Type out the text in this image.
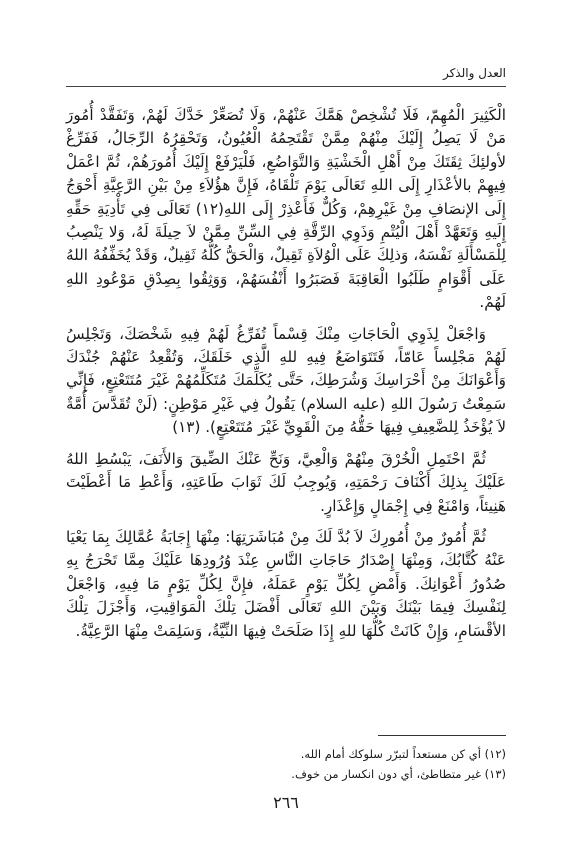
العدل والذكر

الْكَثِيرَ الْمُهِمّ، فَلَا تُشْخِصْ هَمَّكَ عَنْهُمْ، وَلَا تُصَعِّرْ خَدَّكَ لَهُمْ، وَتَفَقَّدْ أُمُورَ مَنْ لَا يَصِلُ إِلَيْكَ مِنْهُمْ مِمَّنْ تَقْتَحِمُهُ الْعُيُونُ، وَتَحْقِرُهُ الرِّجَالُ، فَفَرِّغْ لأولئِكَ ثِقَتَكَ مِنْ أَهْلِ الْخَشْيَةِ وَالتَّوَاضُعِ، فَلْيَرْفَعْ إِلَيْكَ أُمُورَهُمْ، ثُمَّ اعْمَلْ فِيهِمْ بالأعْذَارِ إِلَى اللهِ تَعَالَى يَوْمَ تَلْقَاهُ، فَإِنَّ هؤُلاَءِ مِنْ بَيْنِ الرَّعِيَّةِ أَحْوَجُ إِلَى الإنصَافِ مِنْ غَيْرِهِمْ، وَكُلٌّ فَأَعْذِرْ إِلَى اللهِ(١٢) تَعَالَى فِي تَأْدِيَةِ حَقِّهِ إِلَيهِ وَتَعَهَّدْ أَهْلَ الْيُتْمِ وَذَوِي الرِّقَّةِ فِي السِّنِّ مِمَّنْ لاَ حِيلَةَ لَهُ، وَلا يَنْصِبُ لِلْمَسْأَلَةِ نَفْسَهُ، وَذلِكَ عَلَى الْوُلاَةِ ثَقِيلٌ، وَالْحَقُّ كُلُّهُ ثَقِيلٌ، وَقَدْ يُخَفِّفُهُ اللهُ عَلَى أَقْوَامٍ طَلَبُوا الْعَاقِبَةَ فَصَبَرُوا أَنْفُسَهُمْ، وَوَثِقُوا بِصِدْقِ مَوْعُودِ اللهِ لَهُمْ.

وَاجْعَلْ لِذَوِي الْحَاجَاتِ مِنْكَ قِسْماً تُفَرِّغُ لَهُمْ فِيهِ شَخْصَكَ، وَتَجْلِسُ لَهُمْ مَجْلِساً عَامّاً، فَتَتَوَاضَعُ فِيهِ للهِ الَّذِي خَلَقَكَ، وَتُقْعِدُ عَنْهُمْ جُنْدَكَ وَأَعْوَانَكَ مِنْ أَحْرَاسِكَ وَشُرَطِكَ، حَتَّى يُكَلِّمَكَ مُتَكَلِّمُهُمْ غَيْرَ مُتَتَعْتِعٍ، فَإِنِّي سَمِعْتُ رَسُولَ اللهِ (عليه السلام) يَقُولُ فِي غَيْرِ مَوْطِنٍ: (لَنْ تُقَدَّسَ أُمَّةٌ لاَ يُؤْخَذُ لِلضَّعِيفِ فِيهَا حَقُّهُ مِنَ الْقَوِيِّ غَيْرَ مُتَتَعْتِعٍ). (١٣)

ثُمَّ احْتَمِلِ الْخُرْقَ مِنْهُمْ وَالْعِيَّ، وَنَحِّ عَنْكَ الضِّيقَ وَالأَنَفَ، يَبْسُطِ اللهُ عَلَيْكَ بِذلِكَ أَكْنَافَ رَحْمَتِهِ، وَيُوجِبُ لَكَ ثَوَابَ طَاعَتِهِ، وَأَعْطِ مَا أَعْطَيْتَ هَنِيئاً، وَامْنَعْ فِي إِجْمَالٍ وَإِعْذَارٍ.

ثُمَّ أُمُورٌ مِنْ أُمُورِكَ لاَ بُدَّ لَكَ مِنْ مُبَاشَرَتِهَا: مِنْهَا إِجَابَةُ عُمَّالِكَ بِمَا يَعْيَا عَنْهُ كُتَّابُكَ، وَمِنْهَا إِصْدَارُ حَاجَاتِ النَّاسِ عِنْدَ وُرُودِهَا عَلَيْكَ مِمَّا تَحْرَجُ بِهِ صُدُورُ أَعْوَانِكَ. وَأَمْضِ لِكُلِّ يَوْمٍ عَمَلَهُ، فإِنَّ لِكُلِّ يَوْمٍ مَا فِيهِ، وَاجْعَلْ لِنَفْسِكَ فِيمَا بَيْنَكَ وَبَيْنَ اللهِ تَعَالَى أَفْضَلَ تِلْكَ الْمَوَاقِيتِ، وَأَجْزَلَ تِلْكَ الأقْسَامِ، وَإِنْ كَانَتْ كُلُّهَا للهِ إِذَا صَلَحَتْ فِيهَا النِّيَّةُ، وَسَلِمَتْ مِنْهَا الرَّعِيَّةُ.

(١٢) أي كن مستعداً لتبرّر سلوكك أمام الله.
(١٣) غير متطاطئ، أي دون انكسار من خوف.
٢٦٦
